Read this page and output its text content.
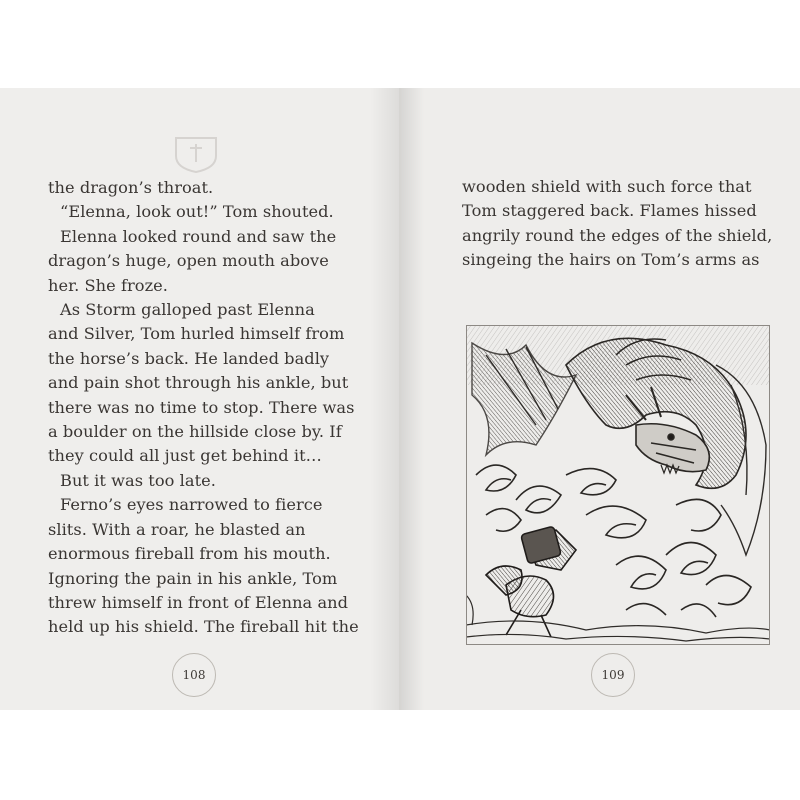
the dragon’s throat.
“Elenna, look out!” Tom shouted.
Elenna looked round and saw the
dragon’s huge, open mouth above
her. She froze.
As Storm galloped past Elenna
and Silver, Tom hurled himself from
the horse’s back. He landed badly
and pain shot through his ankle, but
there was no time to stop. There was
a boulder on the hillside close by. If
they could all just get behind it…
But it was too late.
Ferno’s eyes narrowed to fierce
slits. With a roar, he blasted an
enormous fireball from his mouth.
Ignoring the pain in his ankle, Tom
threw himself in front of Elenna and
held up his shield. The fireball hit the
108
wooden shield with such force that
Tom staggered back. Flames hissed
angrily round the edges of the shield,
singeing the hairs on Tom’s arms as
109
